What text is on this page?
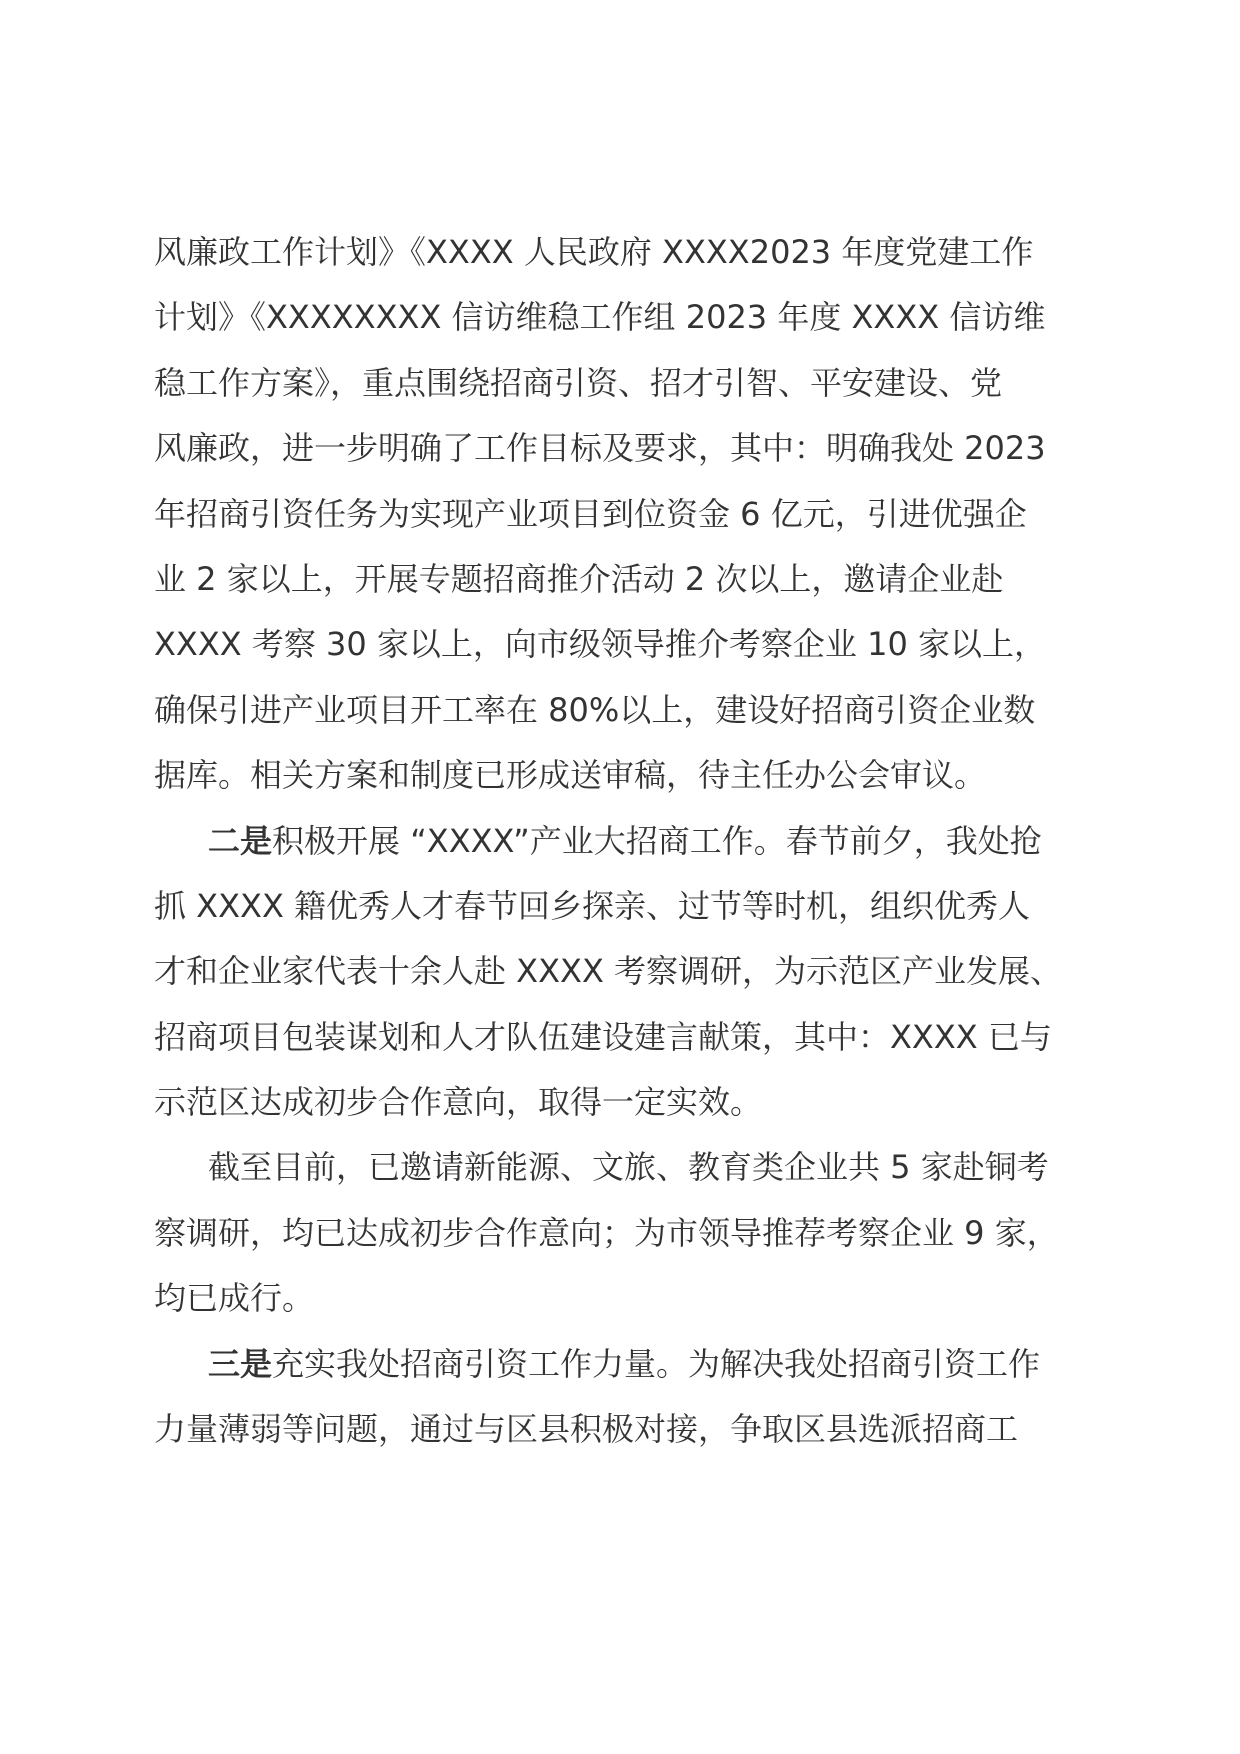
风廉政工作计划》《XXXX 人民政府 XXXX2023 年度党建工作
计划》《XXXXXXXX 信访维稳工作组 2023 年度 XXXX 信访维
稳工作方案》，重点围绕招商引资、招才引智、平安建设、党
风廉政，进一步明确了工作目标及要求，其中：明确我处 2023
年招商引资任务为实现产业项目到位资金 6 亿元，引进优强企
业 2 家以上，开展专题招商推介活动 2 次以上，邀请企业赴
XXXX 考察 30 家以上，向市级领导推介考察企业 10 家以上，
确保引进产业项目开工率在 80%以上，建设好招商引资企业数
据库。相关方案和制度已形成送审稿，待主任办公会审议。
二是积极开展 “XXXX”产业大招商工作。春节前夕，我处抢
抓 XXXX 籍优秀人才春节回乡探亲、过节等时机，组织优秀人
才和企业家代表十余人赴 XXXX 考察调研，为示范区产业发展、
招商项目包装谋划和人才队伍建设建言献策，其中：XXXX 已与
示范区达成初步合作意向，取得一定实效。
截至目前，已邀请新能源、文旅、教育类企业共 5 家赴铜考
察调研，均已达成初步合作意向；为市领导推荐考察企业 9 家，
均已成行。
三是充实我处招商引资工作力量。为解决我处招商引资工作
力量薄弱等问题，通过与区县积极对接，争取区县选派招商工
